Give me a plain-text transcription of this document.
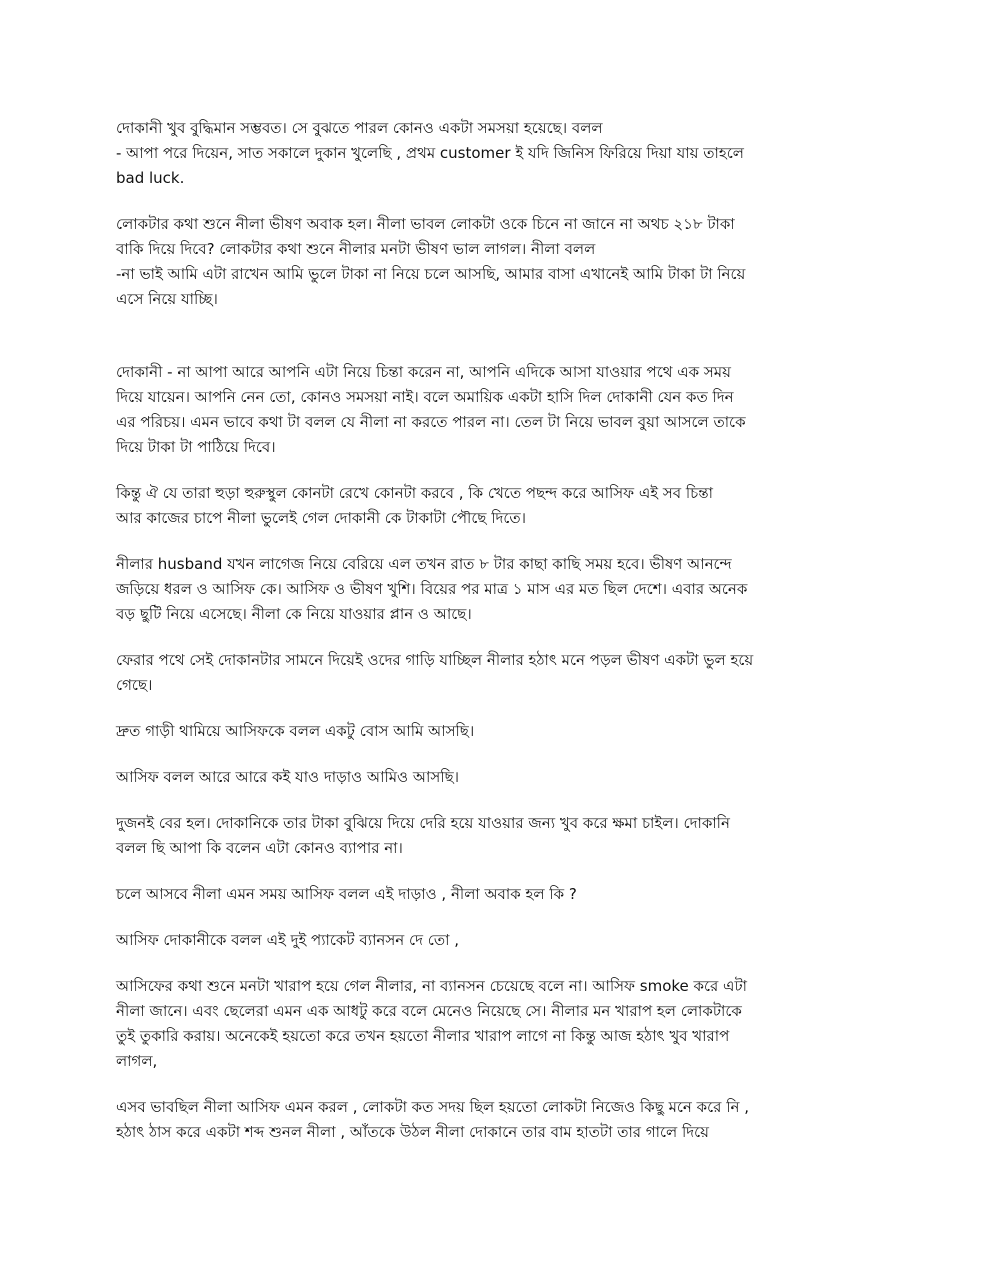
দোকানী খুব বুদ্ধিমান সম্ভবত। সে বুঝতে পারল কোনও একটা সমসয়া হয়েছে। বলল
- আপা পরে দিয়েন, সাত সকালে দুকান খুলেছি , প্রথম customer ই যদি জিনিস ফিরিয়ে দিয়া যায় তাহলে
bad luck.

লোকটার কথা শুনে নীলা ভীষণ অবাক হল। নীলা ভাবল লোকটা ওকে চিনে না জানে না অথচ ২১৮ টাকা
বাকি দিয়ে দিবে? লোকটার কথা শুনে নীলার মনটা ভীষণ ভাল লাগল। নীলা বলল
-না ভাই আমি এটা রাখেন আমি ভুলে টাকা না নিয়ে চলে আসছি, আমার বাসা এখানেই আমি টাকা টা নিয়ে
এসে নিয়ে যাচ্ছি।

দোকানী - না আপা আরে আপনি এটা নিয়ে চিন্তা করেন না, আপনি এদিকে আসা যাওয়ার পথে এক সময়
দিয়ে যায়েন। আপনি নেন তো, কোনও সমসয়া নাই। বলে অমায়িক একটা হাসি দিল দোকানী যেন কত দিন
এর পরিচয়। এমন ভাবে কথা টা বলল যে নীলা না করতে পারল না। তেল টা নিয়ে ভাবল বুয়া আসলে তাকে
দিয়ে টাকা টা পাঠিয়ে দিবে।

কিন্তু ঐ যে তারা হুড়া হুরুস্থুল কোনটা রেখে কোনটা করবে , কি খেতে পছন্দ করে আসিফ এই সব চিন্তা
আর কাজের চাপে নীলা ভুলেই গেল দোকানী কে টাকাটা পৌছে দিতে।

নীলার husband যখন লাগেজ নিয়ে বেরিয়ে এল তখন রাত ৮ টার কাছা কাছি সময় হবে। ভীষণ আনন্দে
জড়িয়ে ধরল ও আসিফ কে। আসিফ ও ভীষণ খুশি। বিয়ের পর মাত্র ১ মাস এর মত ছিল দেশে। এবার অনেক
বড় ছুটি নিয়ে এসেছে। নীলা কে নিয়ে যাওয়ার প্লান ও আছে।

ফেরার পথে সেই দোকানটার সামনে দিয়েই ওদের গাড়ি যাচ্ছিল নীলার হঠাৎ মনে পড়ল ভীষণ একটা ভুল হয়ে
গেছে।

দ্রুত গাড়ী থামিয়ে আসিফকে বলল একটু বোস আমি আসছি।

আসিফ বলল আরে আরে কই যাও দাড়াও আমিও আসছি।

দুজনই বের হল। দোকানিকে তার টাকা বুঝিয়ে দিয়ে দেরি হয়ে যাওয়ার জন্য খুব করে ক্ষমা চাইল। দোকানি
বলল ছি আপা কি বলেন এটা কোনও ব্যাপার না।

চলে আসবে নীলা এমন সময় আসিফ বলল এই দাড়াও , নীলা অবাক হল কি ?

আসিফ দোকানীকে বলল এই দুই প্যাকেট ব্যানসন দে তো ,

আসিফের কথা শুনে মনটা খারাপ হয়ে গেল নীলার, না ব্যানসন চেয়েছে বলে না। আসিফ smoke করে এটা
নীলা জানে। এবং ছেলেরা এমন এক আধটু করে বলে মেনেও নিয়েছে সে। নীলার মন খারাপ হল লোকটাকে
তুই তুকারি করায়। অনেকেই হয়তো করে তখন হয়তো নীলার খারাপ লাগে না কিন্তু আজ হঠাৎ খুব খারাপ
লাগল,

এসব ভাবছিল নীলা আসিফ এমন করল , লোকটা কত সদয় ছিল হয়তো লোকটা নিজেও কিছু মনে করে নি ,
হঠাৎ ঠাস করে একটা শব্দ শুনল নীলা , আঁতকে উঠল নীলা দোকানে তার বাম হাতটা তার গালে দিয়ে
